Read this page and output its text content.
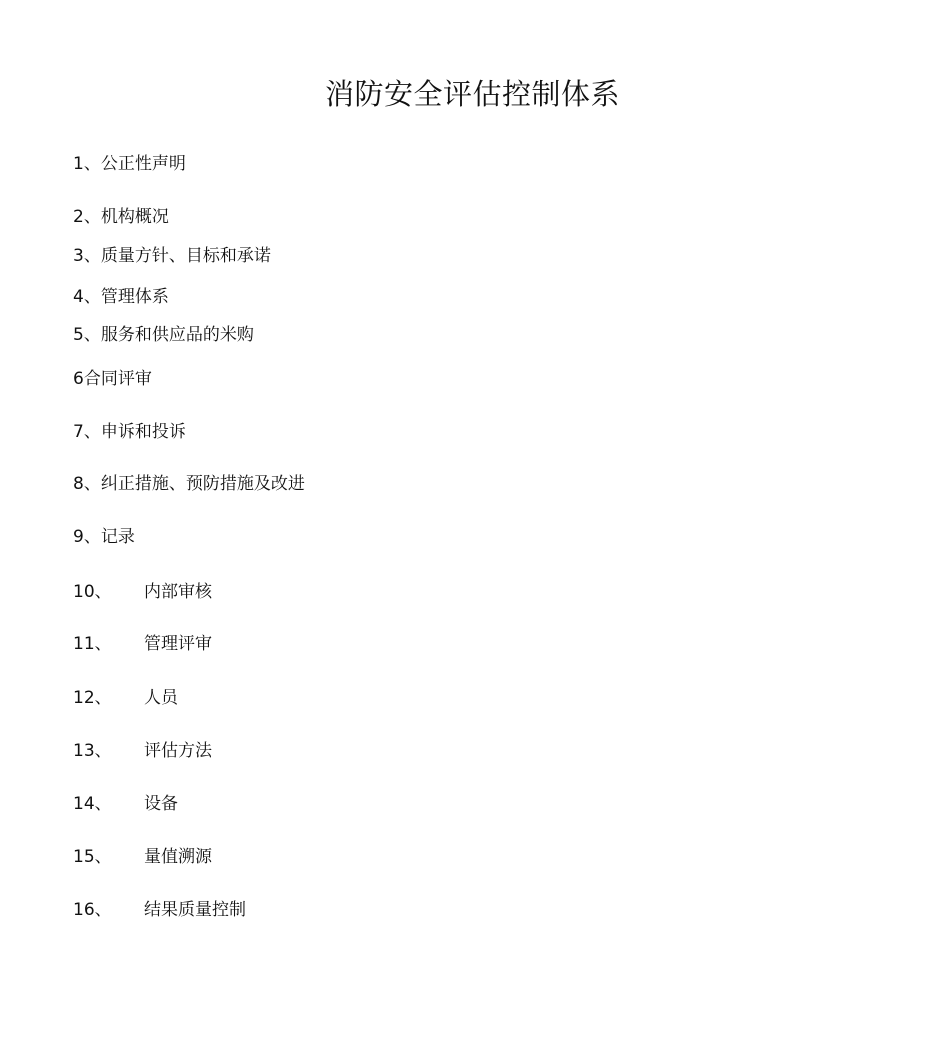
消防安全评估控制体系
1、公正性声明
2、机构概况
3、质量方针、目标和承诺
4、管理体系
5、服务和供应品的米购
6合同评审
7、申诉和投诉
8、纠正措施、预防措施及改进
9、记录
10、 内部审核
11、 管理评审
12、 人员
13、 评估方法
14、 设备
15、 量值溯源
16、 结果质量控制
